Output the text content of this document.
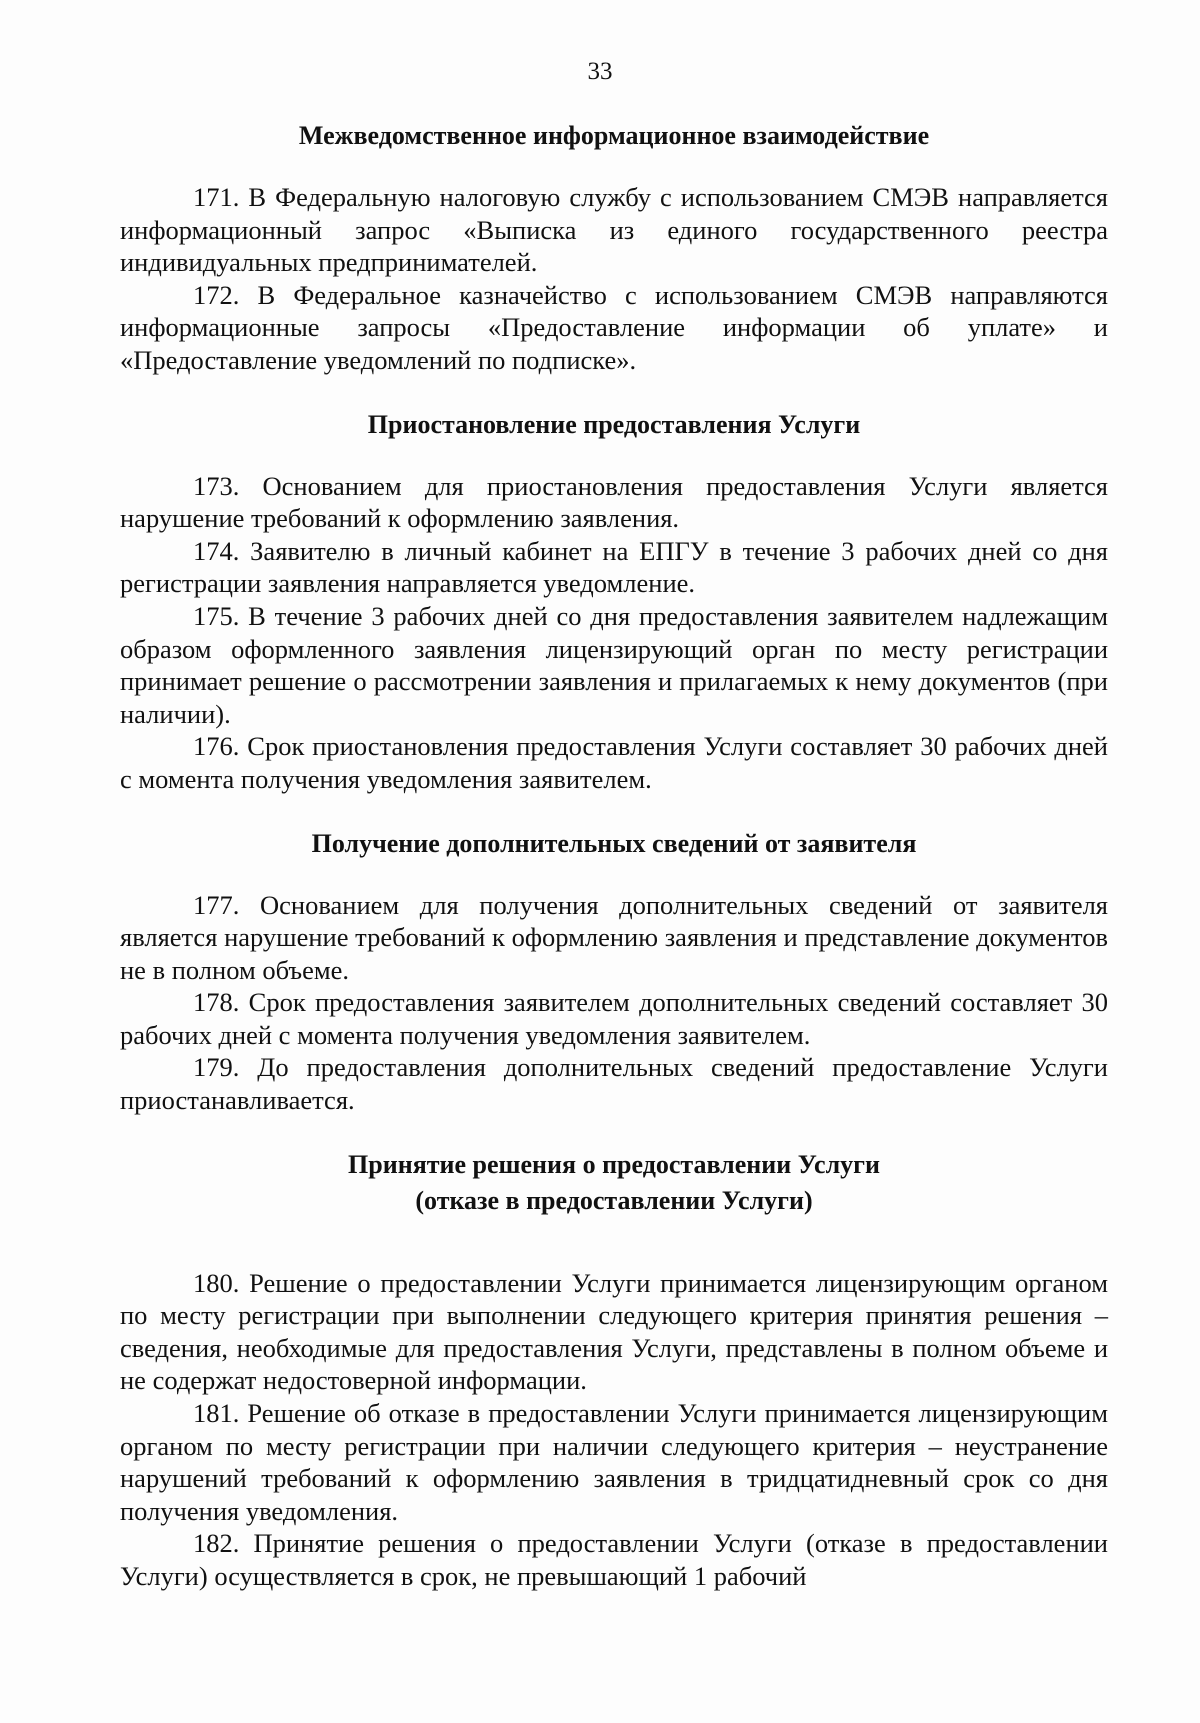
33

Межведомственное информационное взаимодействие

171. В Федеральную налоговую службу с использованием СМЭВ направляется информационный запрос «Выписка из единого государственного реестра индивидуальных предпринимателей.

172. В Федеральное казначейство с использованием СМЭВ направляются информационные запросы «Предоставление информации об уплате» и «Предоставление уведомлений по подписке».

Приостановление предоставления Услуги

173. Основанием для приостановления предоставления Услуги является нарушение требований к оформлению заявления.

174. Заявителю в личный кабинет на ЕПГУ в течение 3 рабочих дней со дня регистрации заявления направляется уведомление.

175. В течение 3 рабочих дней со дня предоставления заявителем надлежащим образом оформленного заявления лицензирующий орган по месту регистрации принимает решение о рассмотрении заявления и прилагаемых к нему документов (при наличии).

176. Срок приостановления предоставления Услуги составляет 30 рабочих дней с момента получения уведомления заявителем.

Получение дополнительных сведений от заявителя

177. Основанием для получения дополнительных сведений от заявителя является нарушение требований к оформлению заявления и представление документов не в полном объеме.

178. Срок предоставления заявителем дополнительных сведений составляет 30 рабочих дней с момента получения уведомления заявителем.

179. До предоставления дополнительных сведений предоставление Услуги приостанавливается.

Принятие решения о предоставлении Услуги

(отказе в предоставлении Услуги)

180. Решение о предоставлении Услуги принимается лицензирующим органом по месту регистрации при выполнении следующего критерия принятия решения – сведения, необходимые для предоставления Услуги, представлены в полном объеме и не содержат недостоверной информации.

181. Решение об отказе в предоставлении Услуги принимается лицензирующим органом по месту регистрации при наличии следующего критерия – неустранение нарушений требований к оформлению заявления в тридцатидневный срок со дня получения уведомления.

182. Принятие решения о предоставлении Услуги (отказе в предоставлении Услуги) осуществляется в срок, не превышающий 1 рабочий
